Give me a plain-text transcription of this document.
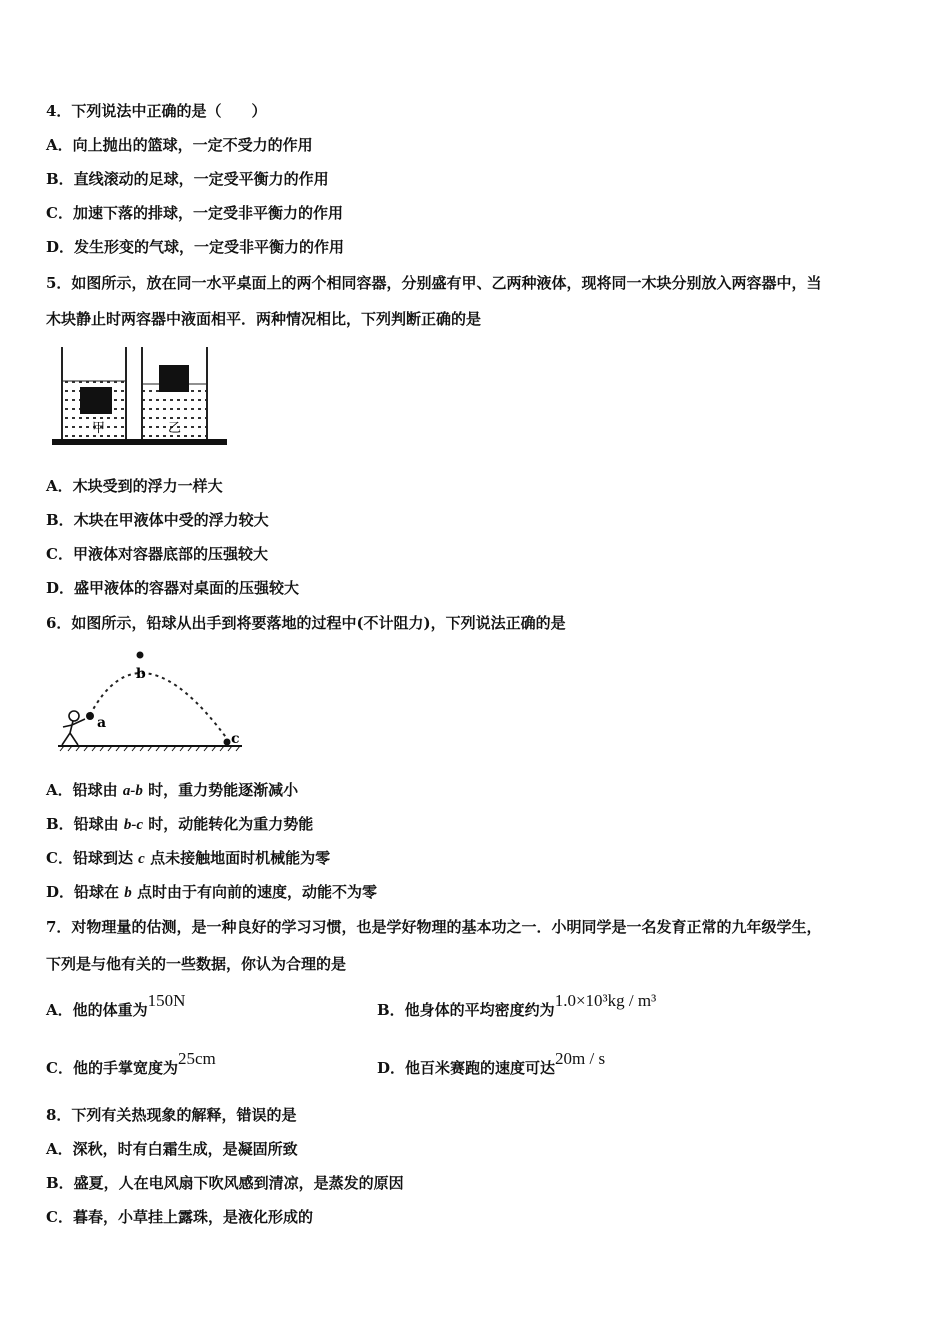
4．下列说法中正确的是（　　）
A．向上抛出的篮球，一定不受力的作用
B．直线滚动的足球，一定受平衡力的作用
C．加速下落的排球，一定受非平衡力的作用
D．发生形变的气球，一定受非平衡力的作用
5．如图所示，放在同一水平桌面上的两个相同容器，分别盛有甲、乙两种液体，现将同一木块分别放入两容器中，当
木块静止时两容器中液面相平．两种情况相比，下列判断正确的是
甲	乙
A．木块受到的浮力一样大
B．木块在甲液体中受的浮力较大
C．甲液体对容器底部的压强较大
D．盛甲液体的容器对桌面的压强较大
6．如图所示，铅球从出手到将要落地的过程中(不计阻力)，下列说法正确的是
a
b
c
A．铅球由 a-b 时，重力势能逐渐减小
B．铅球由 b-c 时，动能转化为重力势能
C．铅球到达 c 点未接触地面时机械能为零
D．铅球在 b 点时由于有向前的速度，动能不为零
7．对物理量的估测，是一种良好的学习习惯，也是学好物理的基本功之一．小明同学是一名发育正常的九年级学生，
下列是与他有关的一些数据，你认为合理的是
A．他的体重为150N	B．他身体的平均密度约为1.0×10³kg / m³
C．他的手掌宽度为25cm	D．他百米赛跑的速度可达20m / s
8．下列有关热现象的解释，错误的是
A．深秋，时有白霜生成，是凝固所致
B．盛夏，人在电风扇下吹风感到清凉，是蒸发的原因
C．暮春，小草挂上露珠，是液化形成的
